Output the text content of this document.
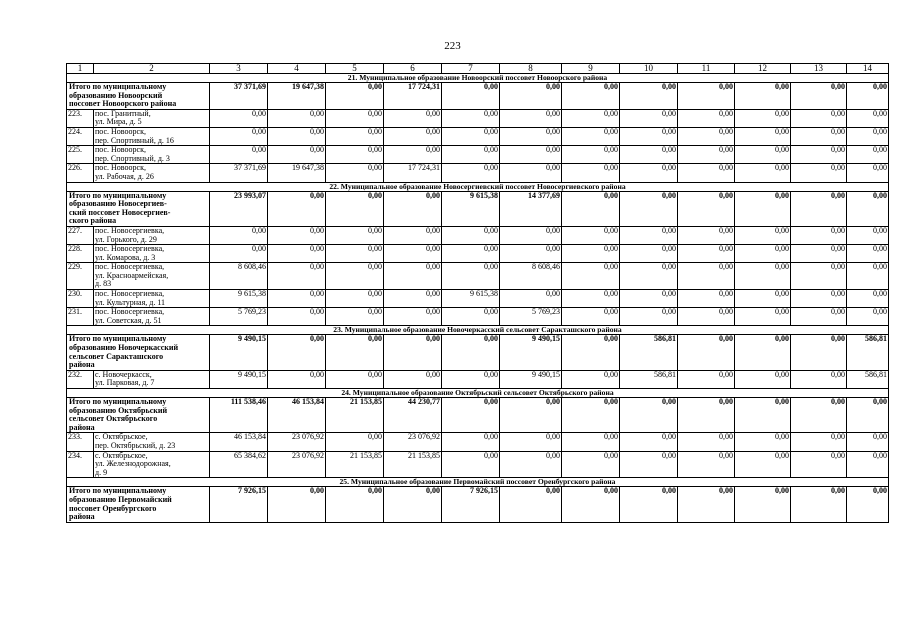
223
1	2	3	4	5	6	7	8	9	10	11	12	13	14
21. Муниципальное образование Новоорский поссовет Новоорского района													

Итого по муниципальному
образованию Новоорский
поссовет Новоорского района		37 371,69	19 647,38	0,00	17 724,31	0,00	0,00	0,00	0,00	0,00	0,00	0,00	0,00
223.	пос. Гранитный,
ул. Мира, д. 5	0,00	0,00	0,00	0,00	0,00	0,00	0,00	0,00	0,00	0,00	0,00	0,00
224.	пос. Новоорск,
пер. Спортивный, д. 16	0,00	0,00	0,00	0,00	0,00	0,00	0,00	0,00	0,00	0,00	0,00	0,00
225.	пос. Новоорск,
пер. Спортивный, д. 3	0,00	0,00	0,00	0,00	0,00	0,00	0,00	0,00	0,00	0,00	0,00	0,00
226.	пос. Новоорск,
ул. Рабочая, д. 26	37 371,69	19 647,38	0,00	17 724,31	0,00	0,00	0,00	0,00	0,00	0,00	0,00	0,00
22. Муниципальное образование Новосергиевский поссовет Новосергиевского района													

Итого по муниципальному
образованию Новосергиев-
ский поссовет Новосергиев-
ского района		23 993,07	0,00	0,00	0,00	9 615,38	14 377,69	0,00	0,00	0,00	0,00	0,00	0,00
227.	пос. Новосергиевка,
ул. Горького, д. 29	0,00	0,00	0,00	0,00	0,00	0,00	0,00	0,00	0,00	0,00	0,00	0,00
228.	пос. Новосергиевка,
ул. Комарова, д. 3	0,00	0,00	0,00	0,00	0,00	0,00	0,00	0,00	0,00	0,00	0,00	0,00
229.	пос. Новосергиевка,
ул. Красноармейская,
д. 83	8 608,46	0,00	0,00	0,00	0,00	8 608,46	0,00	0,00	0,00	0,00	0,00	0,00
230.	пос. Новосергиевка,
ул. Культурная, д. 11	9 615,38	0,00	0,00	0,00	9 615,38	0,00	0,00	0,00	0,00	0,00	0,00	0,00
231.	пос. Новосергиевка,
ул. Советская, д. 51	5 769,23	0,00	0,00	0,00	0,00	5 769,23	0,00	0,00	0,00	0,00	0,00	0,00
23. Муниципальное образование Новочеркасский сельсовет Саракташского района													

Итого по муниципальному
образованию Новочеркасский
сельсовет Саракташского
района		9 490,15	0,00	0,00	0,00	0,00	9 490,15	0,00	586,81	0,00	0,00	0,00	586,81
232.	с. Новочеркасск,
ул. Парковая, д. 7	9 490,15	0,00	0,00	0,00	0,00	9 490,15	0,00	586,81	0,00	0,00	0,00	586,81
24. Муниципальное образование Октябрьский сельсовет Октябрьского района													

Итого по муниципальному
образованию Октябрьский
сельсовет Октябрьского
района		111 538,46	46 153,84	21 153,85	44 230,77	0,00	0,00	0,00	0,00	0,00	0,00	0,00	0,00
233.	с. Октябрьское,
пер. Октябрьский, д. 23	46 153,84	23 076,92	0,00	23 076,92	0,00	0,00	0,00	0,00	0,00	0,00	0,00	0,00
234.	с. Октябрьское,
ул. Железнодорожная,
д. 9	65 384,62	23 076,92	21 153,85	21 153,85	0,00	0,00	0,00	0,00	0,00	0,00	0,00	0,00
25. Муниципальное образование Первомайский поссовет Оренбургского района													

Итого по муниципальному
образованию Первомайский
поссовет Оренбургского
района		7 926,15	0,00	0,00	0,00	7 926,15	0,00	0,00	0,00	0,00	0,00	0,00	0,00
